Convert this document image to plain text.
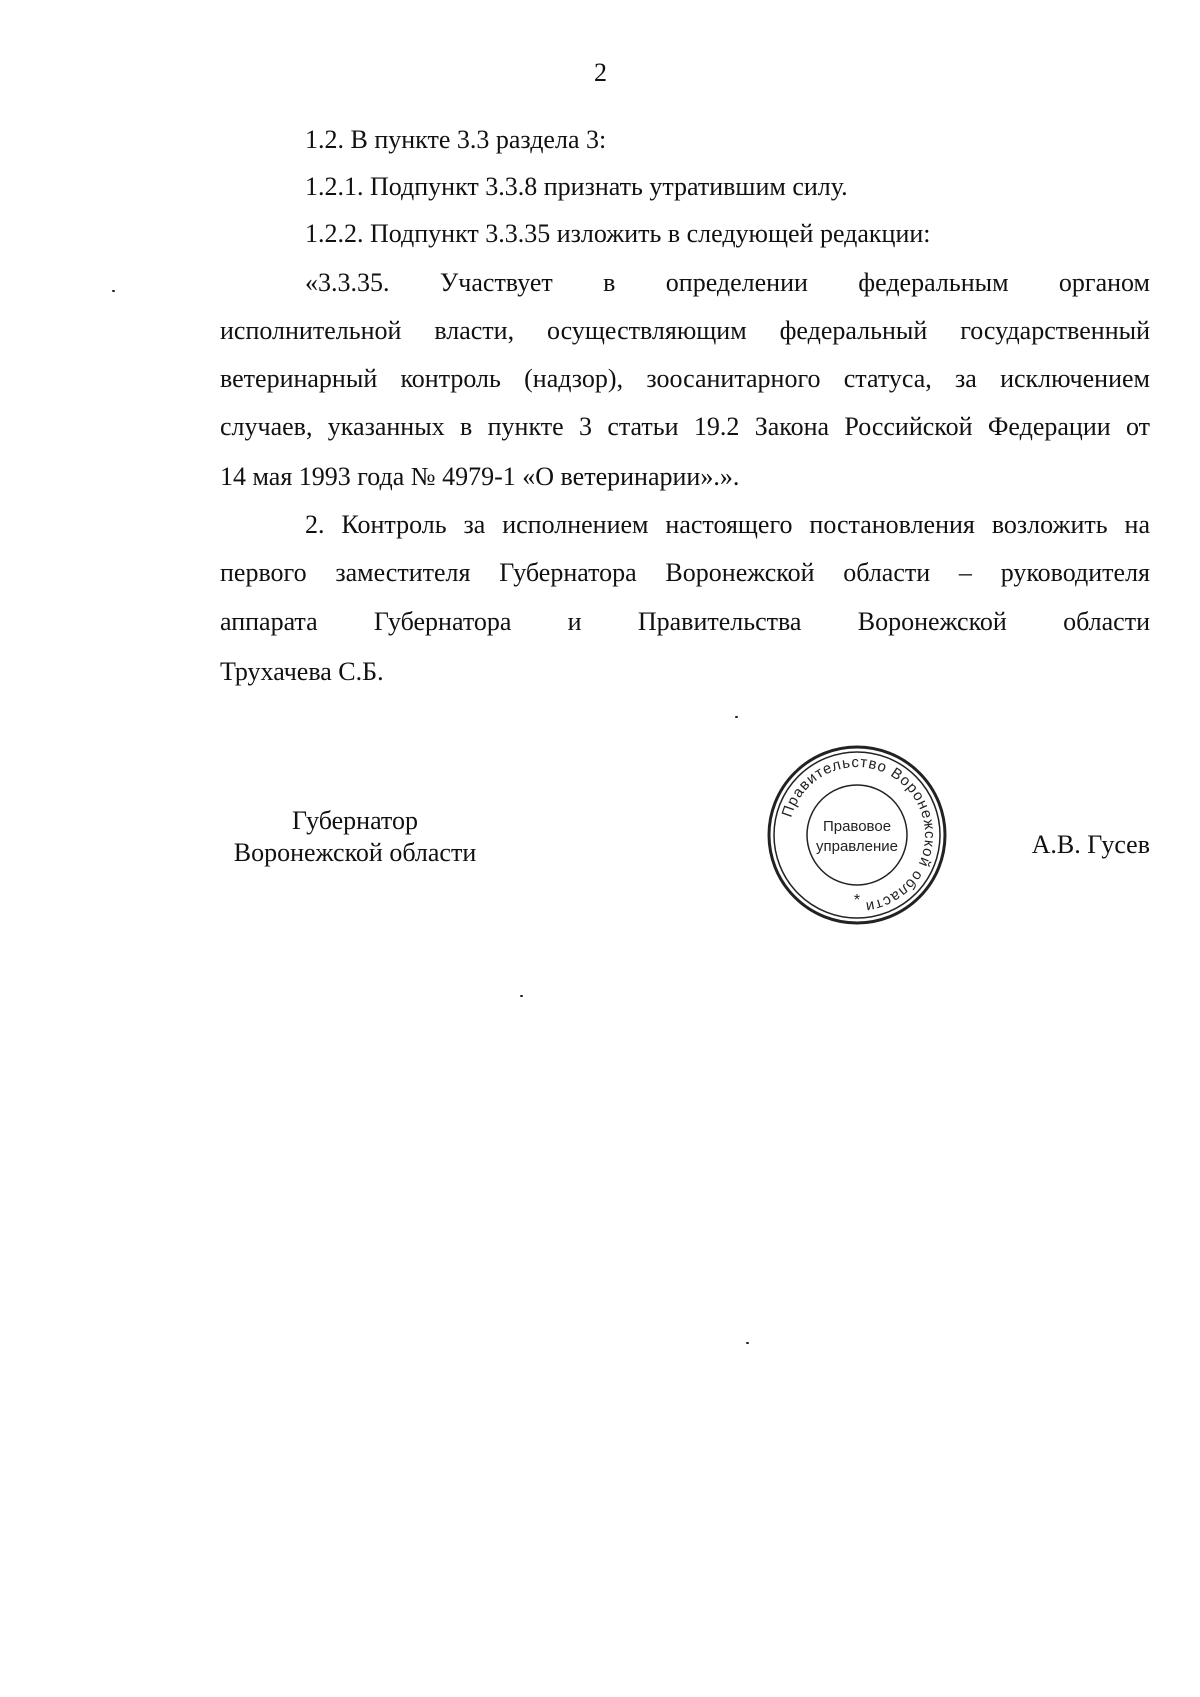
2
1.2. В пункте 3.3 раздела 3:
1.2.1. Подпункт 3.3.8 признать утратившим силу.
1.2.2. Подпункт 3.3.35 изложить в следующей редакции:
«3.3.35. Участвует в определении федеральным органом
исполнительной власти, осуществляющим федеральный государственный
ветеринарный контроль (надзор), зоосанитарного статуса, за исключением
случаев, указанных в пункте 3 статьи 19.2 Закона Российской Федерации от
14 мая 1993 года № 4979-1 «О ветеринарии».».
2. Контроль за исполнением настоящего постановления возложить на
первого заместителя Губернатора Воронежской области – руководителя
аппарата Губернатора и Правительства Воронежской области
Трухачева С.Б.
Губернатор
Воронежской области
Правительство Воронежской области
Правовое
управление
*
А.В. Гусев
